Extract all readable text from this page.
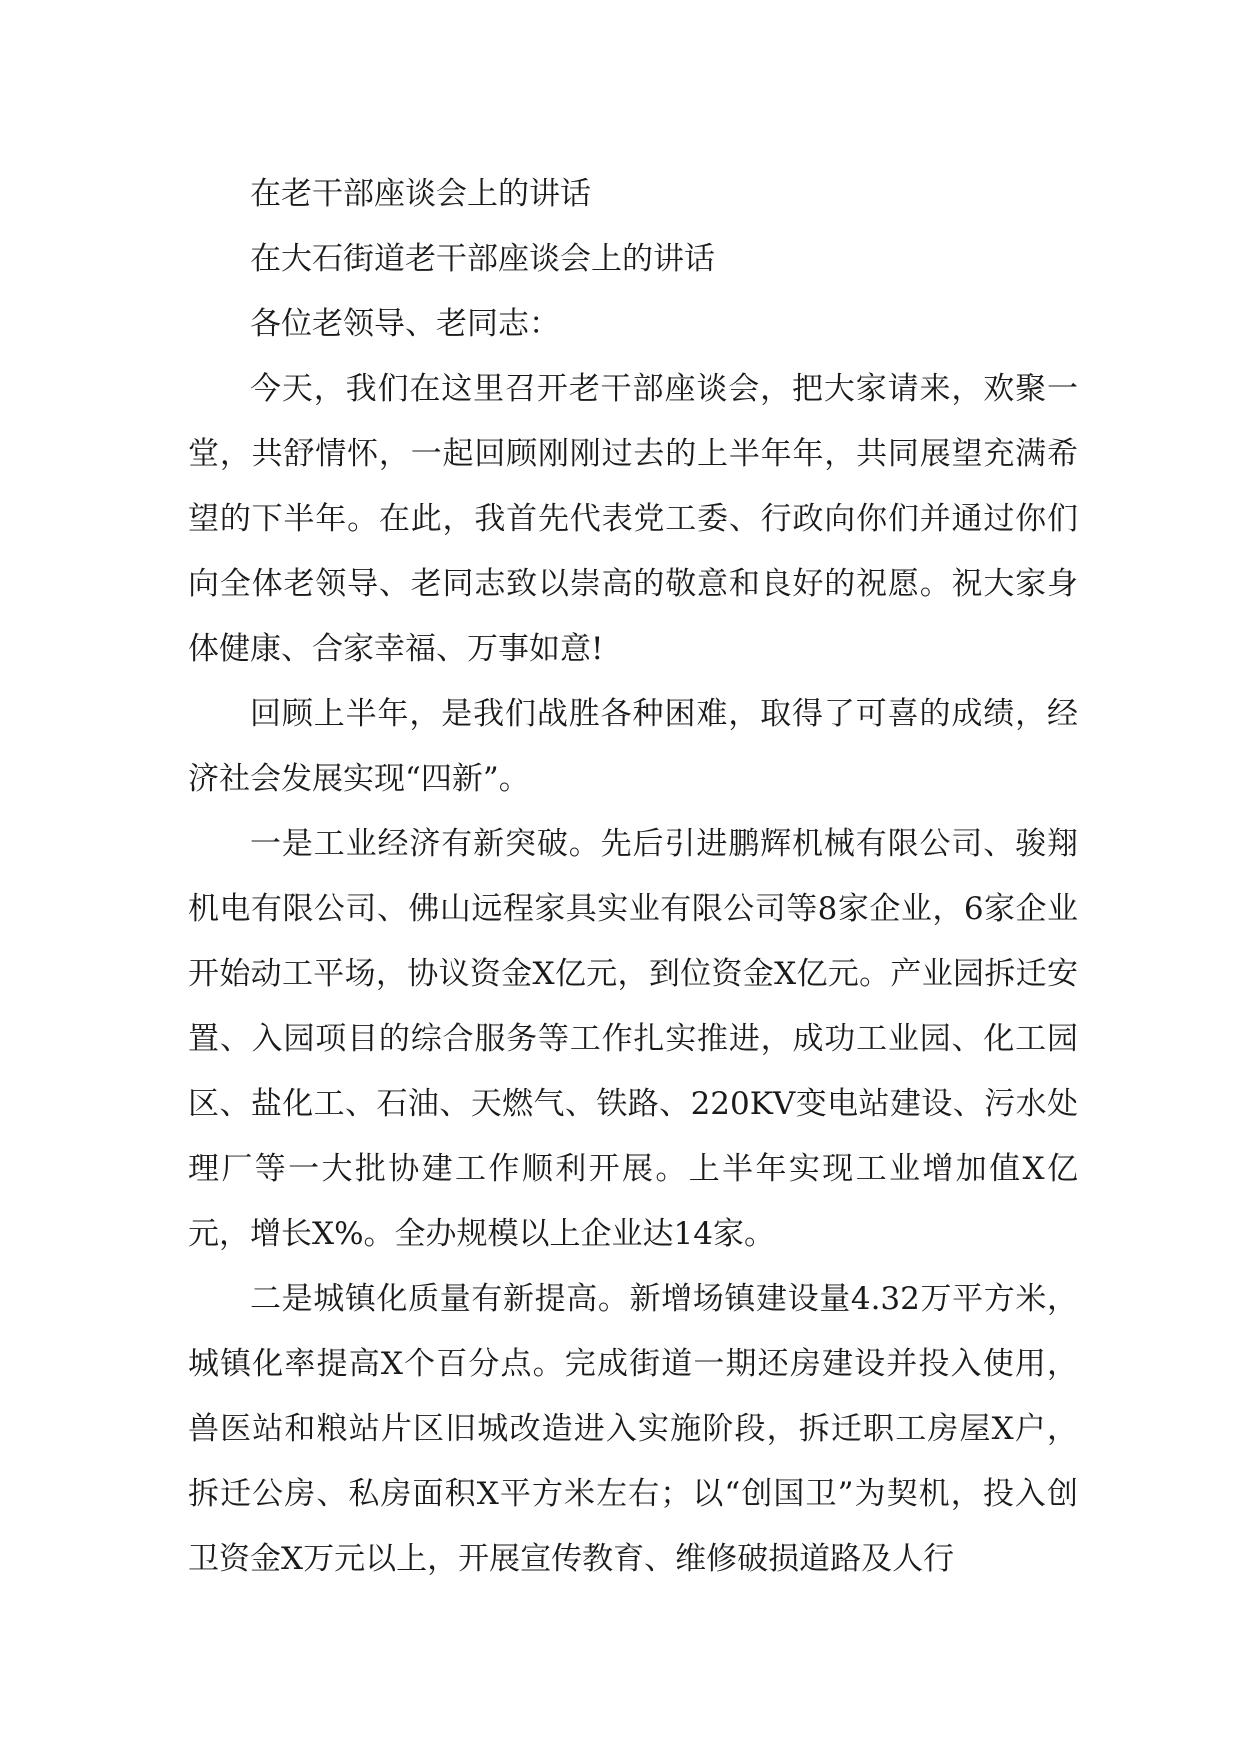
在老干部座谈会上的讲话

在大石街道老干部座谈会上的讲话

各位老领导、老同志：

今天，我们在这里召开老干部座谈会，把大家请来，欢聚一堂，共舒情怀，一起回顾刚刚过去的上半年年，共同展望充满希望的下半年。在此，我首先代表党工委、行政向你们并通过你们向全体老领导、老同志致以崇高的敬意和良好的祝愿。祝大家身体健康、合家幸福、万事如意!

回顾上半年，是我们战胜各种困难，取得了可喜的成绩，经济社会发展实现“四新”。

一是工业经济有新突破。先后引进鹏辉机械有限公司、骏翔机电有限公司、佛山远程家具实业有限公司等8家企业，6家企业开始动工平场，协议资金X亿元，到位资金X亿元。产业园拆迁安置、入园项目的综合服务等工作扎实推进，成功工业园、化工园区、盐化工、石油、天燃气、铁路、220KV变电站建设、污水处理厂等一大批协建工作顺利开展。上半年实现工业增加值X亿元，增长X%。全办规模以上企业达14家。

二是城镇化质量有新提高。新增场镇建设量4.32万平方米，城镇化率提高X个百分点。完成街道一期还房建设并投入使用，兽医站和粮站片区旧城改造进入实施阶段，拆迁职工房屋X户，拆迁公房、私房面积X平方米左右；以“创国卫”为契机，投入创卫资金X万元以上，开展宣传教育、维修破损道路及人行
